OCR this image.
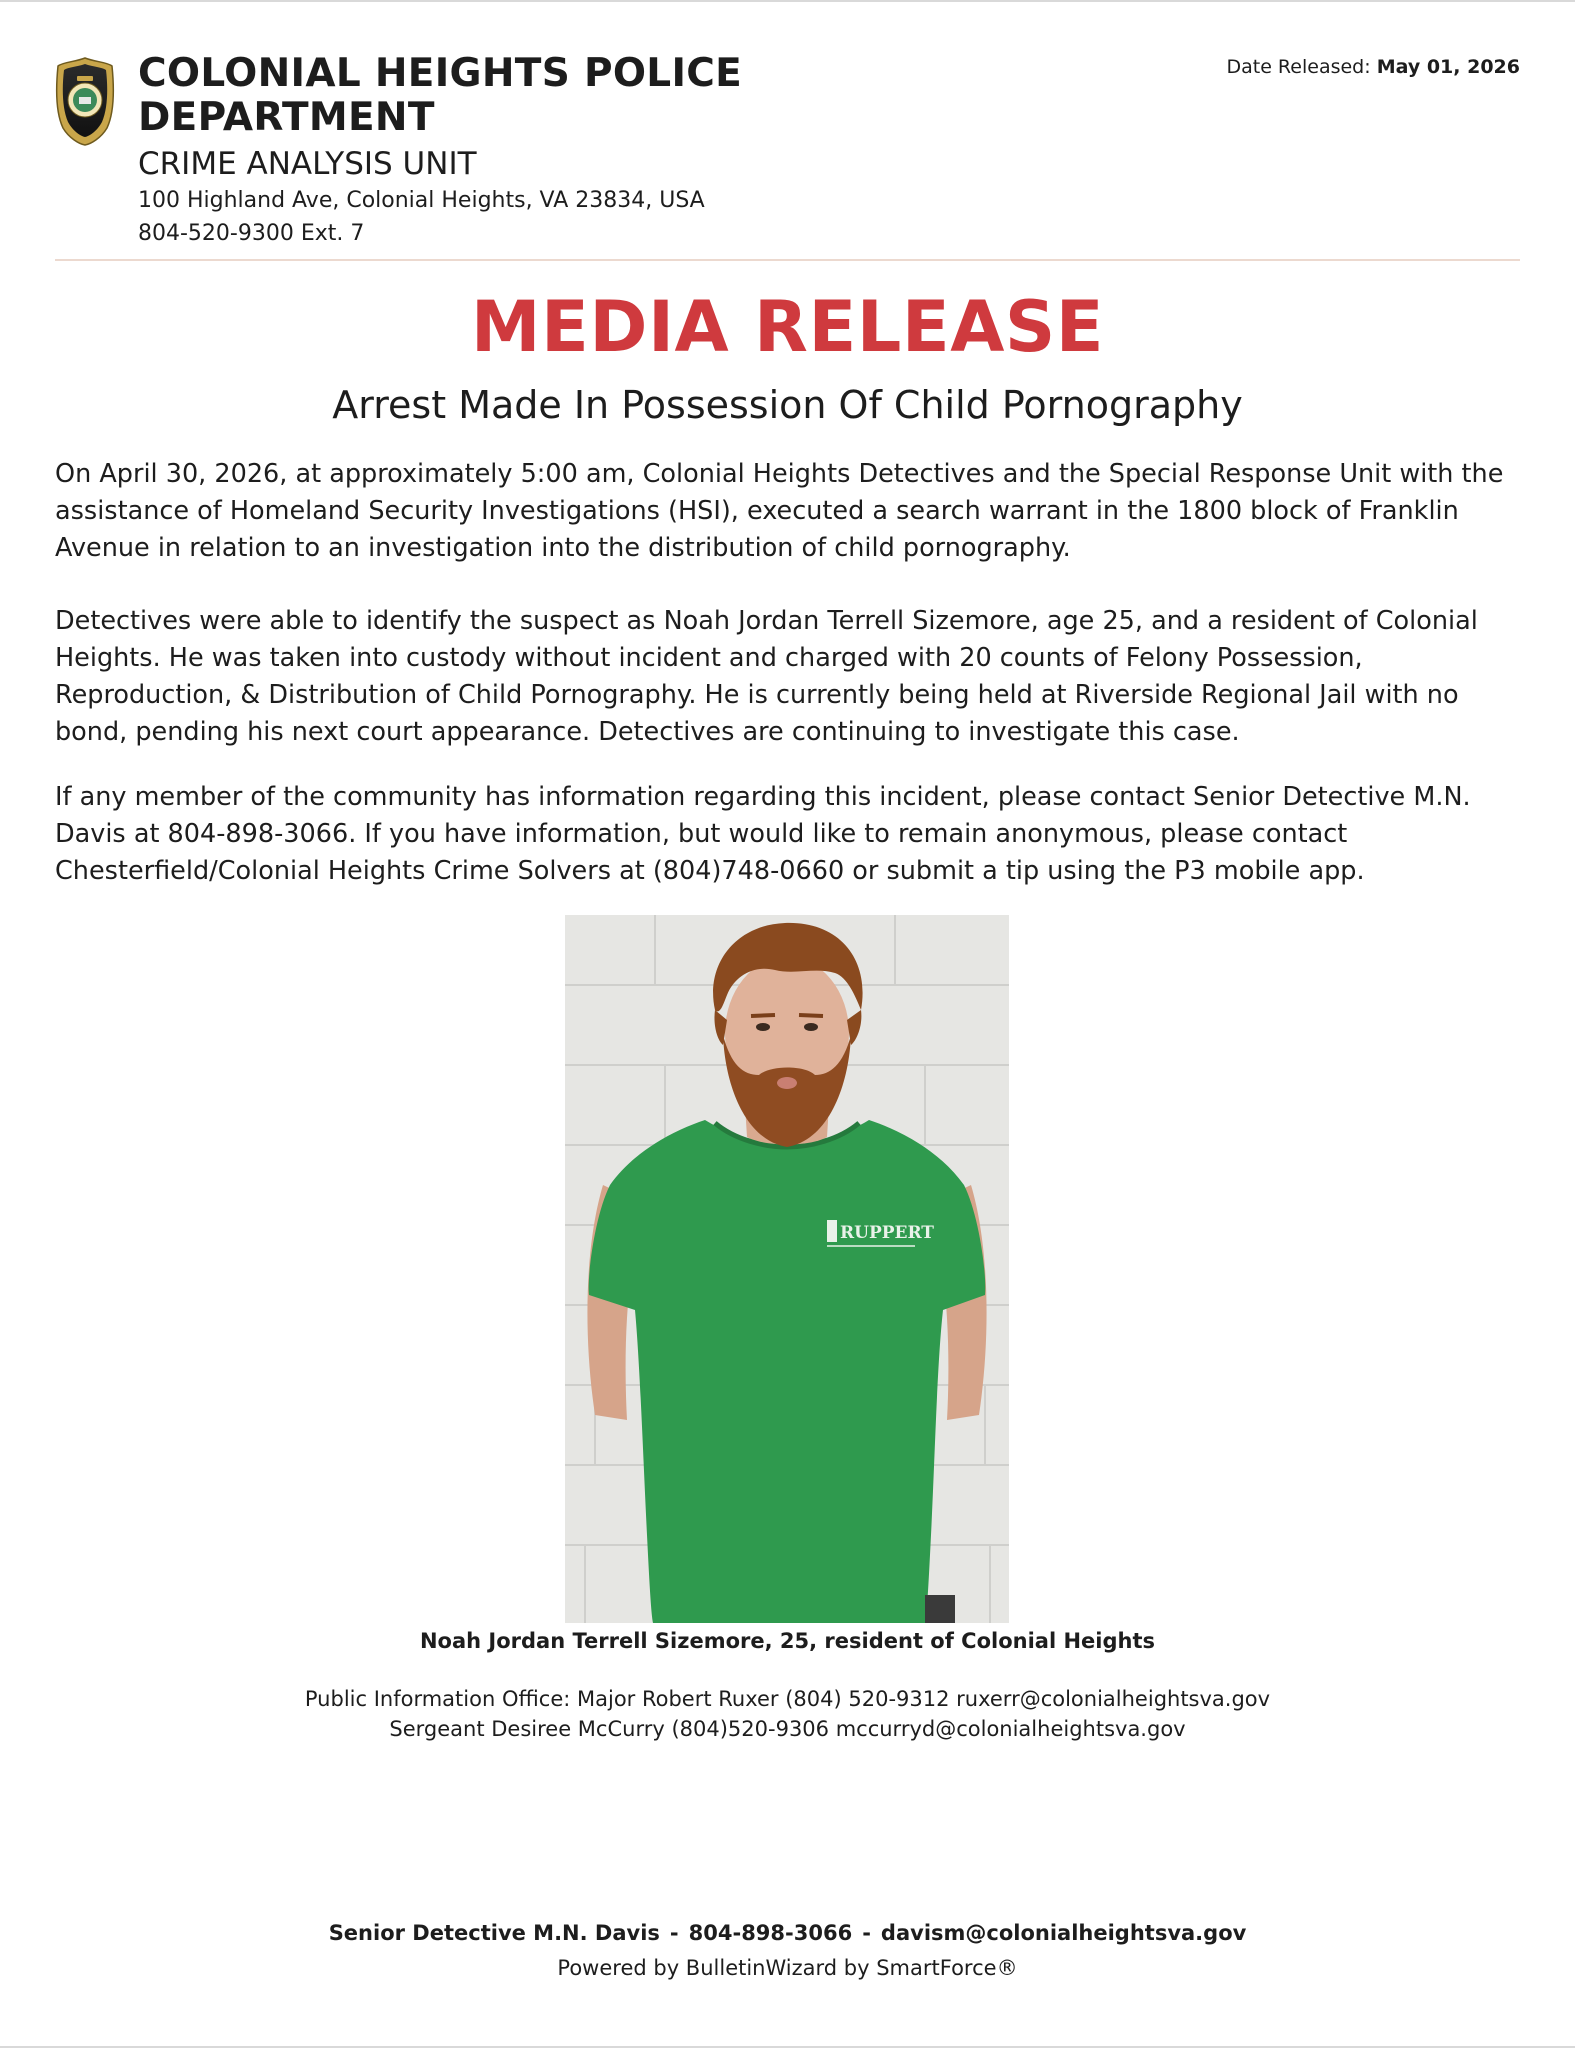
COLONIAL HEIGHTS POLICE
DEPARTMENT
CRIME ANALYSIS UNIT
100 Highland Ave, Colonial Heights, VA 23834, USA
804-520-9300 Ext. 7
Date Released: May 01, 2026
MEDIA RELEASE
Arrest Made In Possession Of Child Pornography

On April 30, 2026, at approximately 5:00 am, Colonial Heights Detectives and the Special Response Unit with the assistance of Homeland Security Investigations (HSI), executed a search warrant in the 1800 block of Franklin Avenue in relation to an investigation into the distribution of child pornography.

Detectives were able to identify the suspect as Noah Jordan Terrell Sizemore, age 25, and a resident of Colonial Heights. He was taken into custody without incident and charged with 20 counts of Felony Possession, Reproduction, & Distribution of Child Pornography. He is currently being held at Riverside Regional Jail with no bond, pending his next court appearance. Detectives are continuing to investigate this case.

If any member of the community has information regarding this incident, please contact Senior Detective M.N. Davis at 804-898-3066. If you have information, but would like to remain anonymous, please contact Chesterfield/Colonial Heights Crime Solvers at (804)748-0660 or submit a tip using the P3 mobile app.

RUPPERT
Noah Jordan Terrell Sizemore, 25, resident of Colonial Heights
Public Information Office: Major Robert Ruxer (804) 520-9312 ruxerr@colonialheightsva.gov
Sergeant Desiree McCurry (804)520-9306 mccurryd@colonialheightsva.gov
Senior Detective M.N. Davis - 804-898-3066 - davism@colonialheightsva.gov
Powered by BulletinWizard by SmartForce®
